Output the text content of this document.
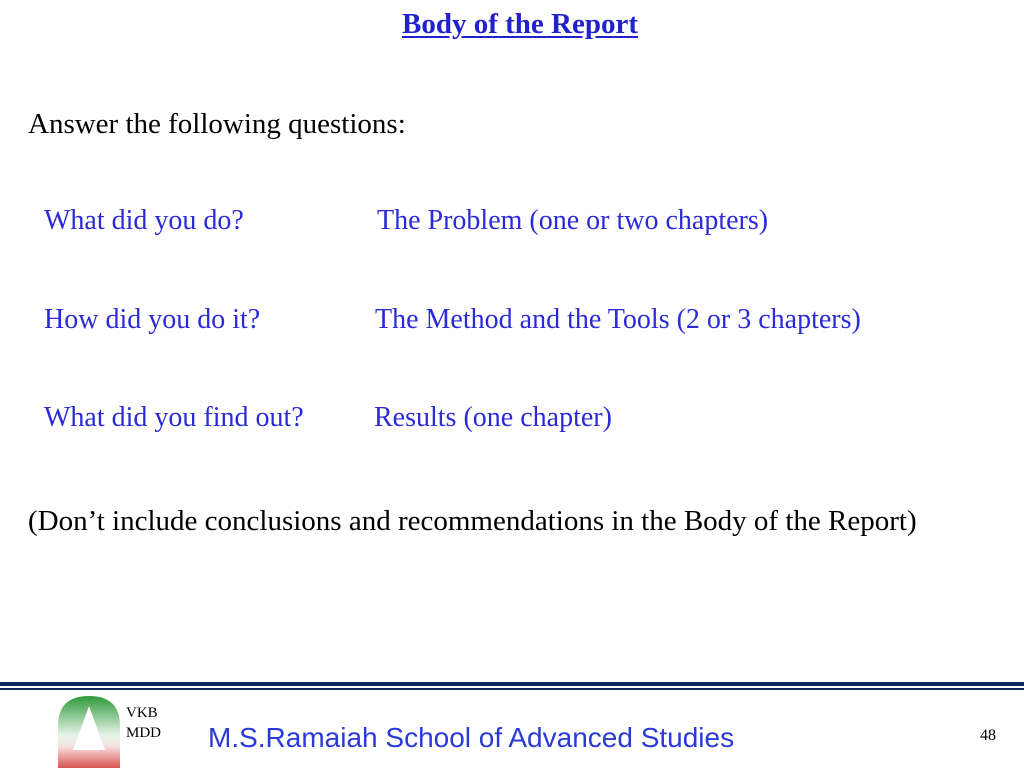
Body of the Report
Answer the following questions:
What did you do?	The Problem (one or two chapters)
How did you do it?	The Method and the Tools (2 or 3 chapters)
What did you find out?	Results (one chapter)
(Don’t include conclusions and recommendations in the Body of the Report)
VKB
MDD M.S.Ramaiah School of Advanced Studies	48
